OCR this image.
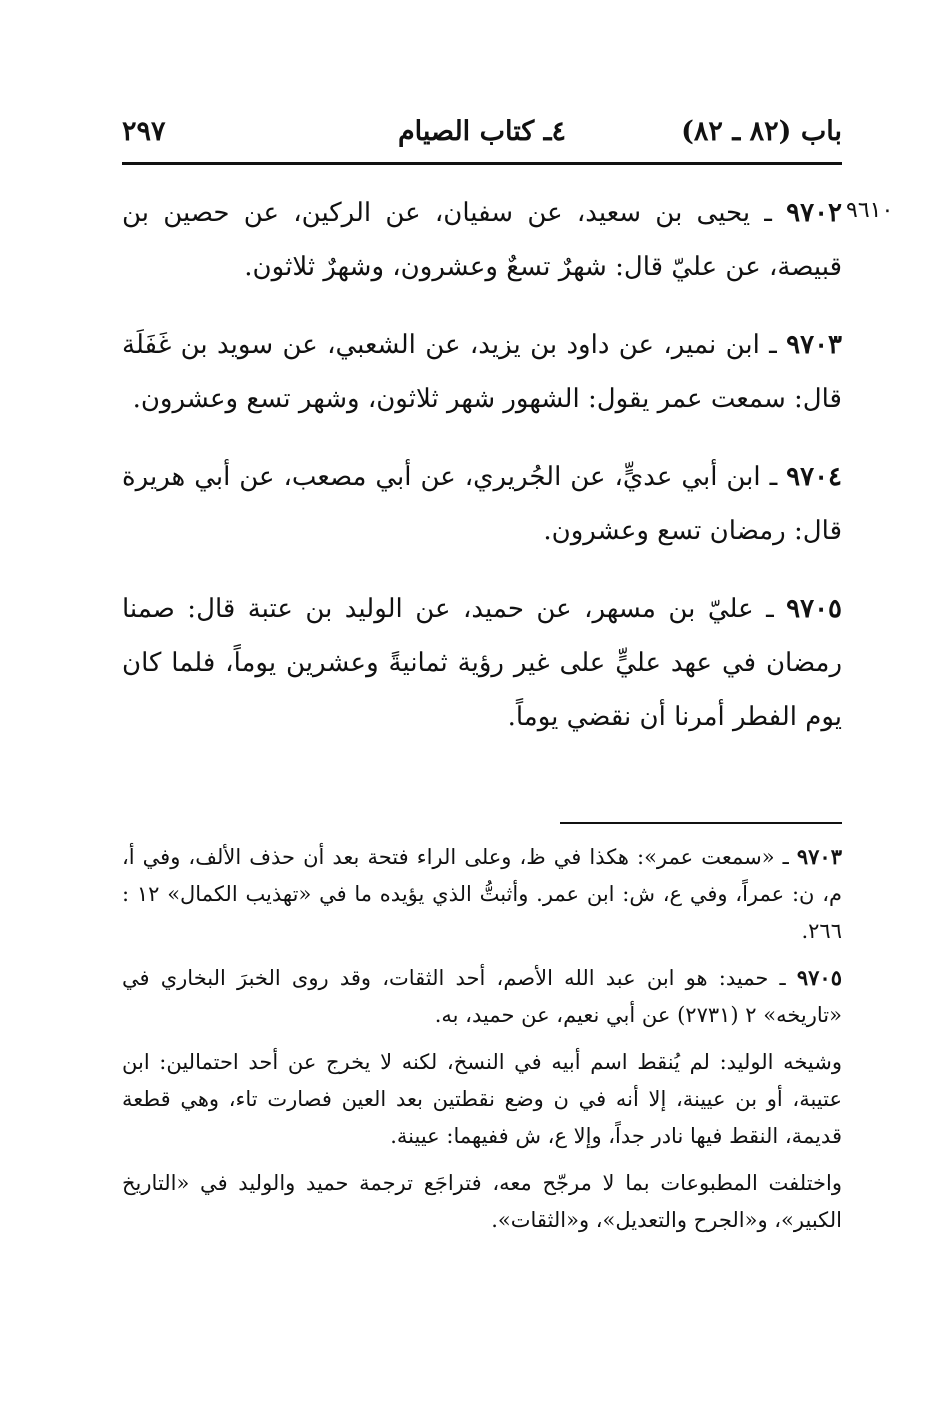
باب (٨٢ ـ ٨٢)
٤ـ كتاب الصيام
٢٩٧
٩٦١٠

٩٧٠٢ ـ يحيى بن سعيد، عن سفيان، عن الركين، عن حصين بن قبيصة، عن عليّ قال: شهرٌ تسعٌ وعشرون، وشهرٌ ثلاثون.

٩٧٠٣ ـ ابن نمير، عن داود بن يزيد، عن الشعبي، عن سويد بن غَفَلَة قال: سمعت عمر يقول: الشهور شهر ثلاثون، وشهر تسع وعشرون.

٩٧٠٤ ـ ابن أبي عديٍّ، عن الجُريري، عن أبي مصعب، عن أبي هريرة قال: رمضان تسع وعشرون.

٩٧٠٥ ـ عليّ بن مسهر، عن حميد، عن الوليد بن عتبة قال: صمنا رمضان في عهد عليٍّ على غير رؤية ثمانيةً وعشرين يوماً، فلما كان يوم الفطر أمرنا أن نقضي يوماً.

٩٧٠٣ ـ «سمعت عمر»: هكذا في ظ، وعلى الراء فتحة بعد أن حذف الألف، وفي أ، م، ن: عمراً، وفي ع، ش: ابن عمر. وأثبتُّ الذي يؤيده ما في «تهذيب الكمال» ١٢ : ٢٦٦.

٩٧٠٥ ـ حميد: هو ابن عبد الله الأصم، أحد الثقات، وقد روى الخبرَ البخاري في «تاريخه» ٢ (٢٧٣١) عن أبي نعيم، عن حميد، به.

وشيخه الوليد: لم يُنقط اسم أبيه في النسخ، لكنه لا يخرج عن أحد احتمالين: ابن عتيبة، أو بن عيينة، إلا أنه في ن وضع نقطتين بعد العين فصارت تاء، وهي قطعة قديمة، النقط فيها نادر جداً، وإلا ع، ش ففيهما: عيينة.

واختلفت المطبوعات بما لا مرجّح معه، فتراجَع ترجمة حميد والوليد في «التاريخ الكبير»، و«الجرح والتعديل»، و«الثقات».
